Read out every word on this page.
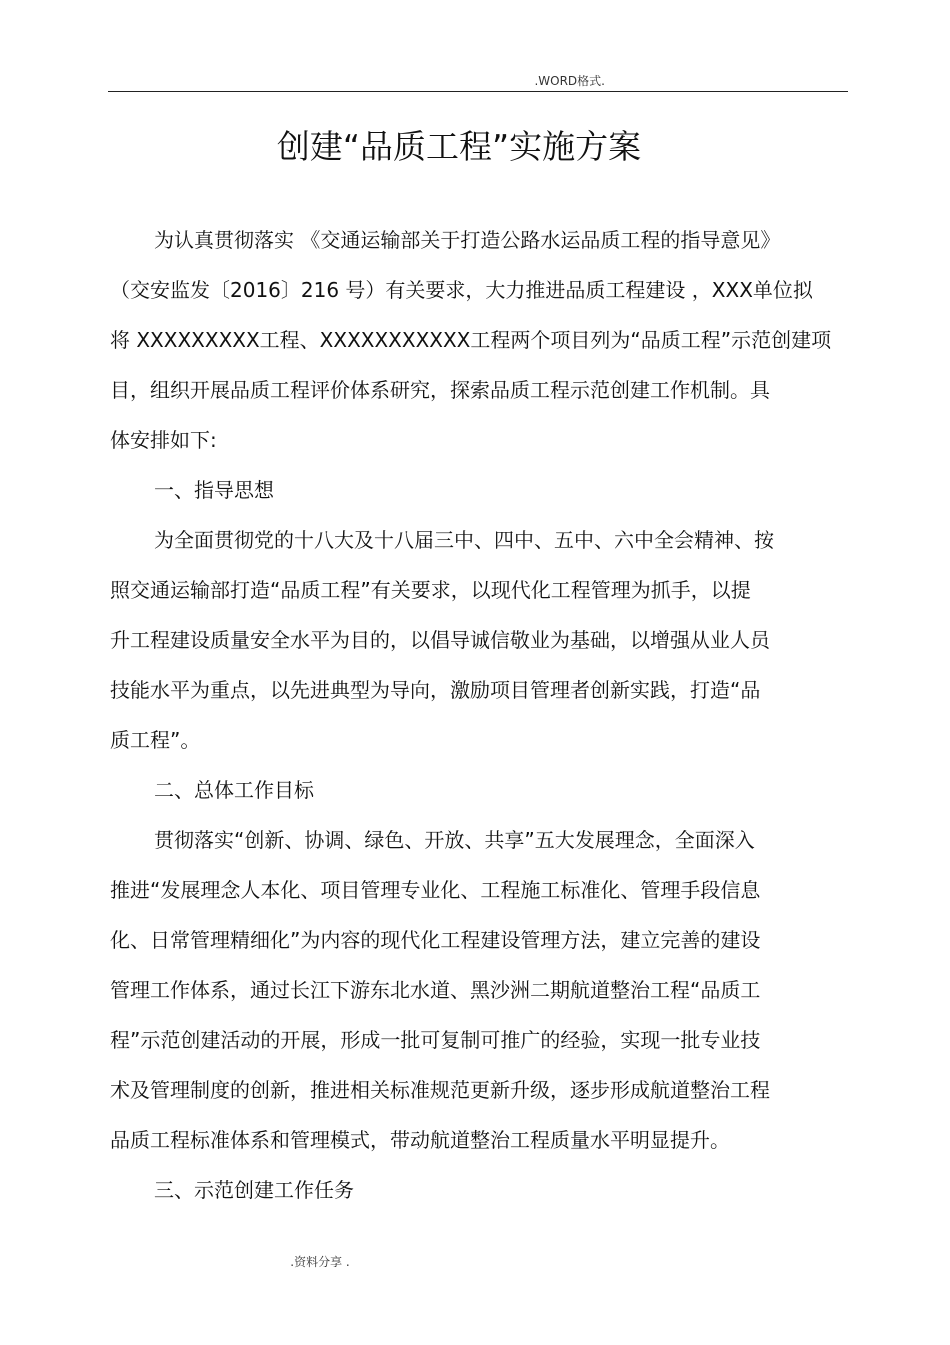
.WORD格式.
创建“品质工程”实施方案
为认真贯彻落实 《交通运输部关于打造公路水运品质工程的指导意见》
（交安监发〔2016〕216 号）有关要求，大力推进品质工程建设 ，XXX单位拟
将 XXXXXXXXX工程、XXXXXXXXXXX工程两个项目列为“品质工程”示范创建项
目，组织开展品质工程评价体系研究，探索品质工程示范创建工作机制。具
体安排如下:
一、指导思想
为全面贯彻党的十八大及十八届三中、四中、五中、六中全会精神、按
照交通运输部打造“品质工程”有关要求，以现代化工程管理为抓手，以提
升工程建设质量安全水平为目的，以倡导诚信敬业为基础，以增强从业人员
技能水平为重点，以先进典型为导向，激励项目管理者创新实践，打造“品
质工程”。
二、总体工作目标
贯彻落实“创新、协调、绿色、开放、共享”五大发展理念，全面深入
推进“发展理念人本化、项目管理专业化、工程施工标准化、管理手段信息
化、日常管理精细化”为内容的现代化工程建设管理方法，建立完善的建设
管理工作体系，通过长江下游东北水道、黑沙洲二期航道整治工程“品质工
程”示范创建活动的开展，形成一批可复制可推广的经验，实现一批专业技
术及管理制度的创新，推进相关标准规范更新升级，逐步形成航道整治工程
品质工程标准体系和管理模式，带动航道整治工程质量水平明显提升。
三、示范创建工作任务
.资料分享 .
